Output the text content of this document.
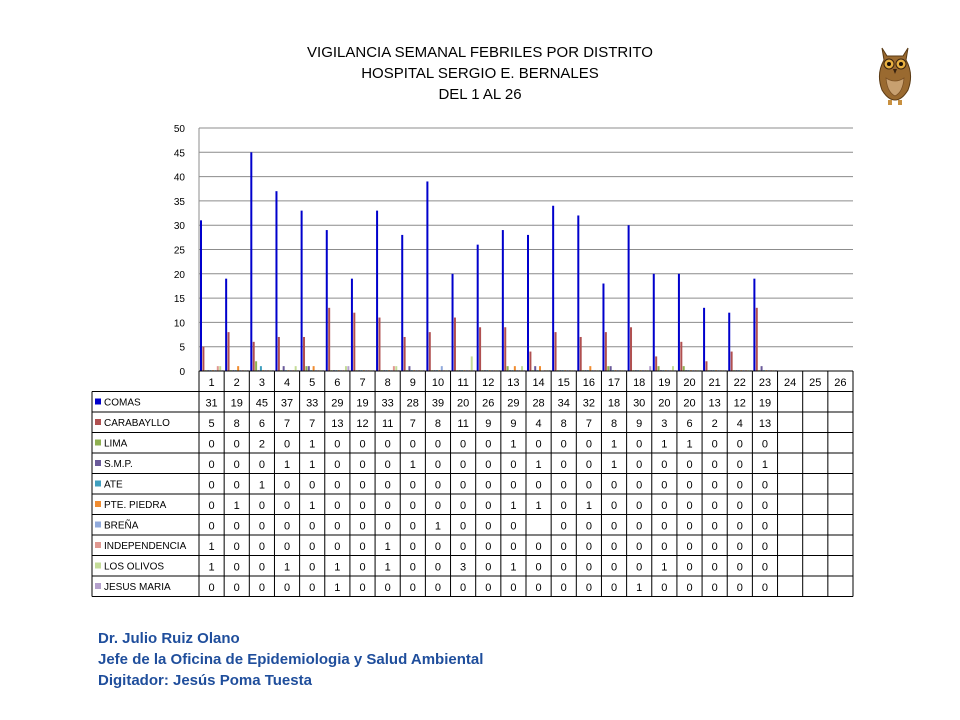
VIGILANCIA SEMANAL FEBRILES POR DISTRITO
HOSPITAL SERGIO E. BERNALES
DEL 1 AL 26
0
5
10
15
20
25
30
35
40
45
50
1 2 3 4 5 6 7 8 9 10 11 12 13 14 15 16 17 18 19 20 21 22 23 24 25 26
COMAS	31 19 45 37 33 29 19 33 28 39 20 26 29 28 34 32 18 30 20 20 13 12 19
CARABAYLLO	5 8 6 7 7 13 12 11 7 8 11 9 9 4 8 7 8 9 3 6 2 4 13
LIMA	0 0 2 0 1 0 0 0 0 0 0 0 1 0 0 0 1 0 1 1 0 0 0
S.M.P.	0 0 0 1 1 0 0 0 1 0 0 0 0 1 0 0 1 0 0 0 0 0 1
ATE	0 0 1 0 0 0 0 0 0 0 0 0 0 0 0 0 0 0 0 0 0 0 0
PTE. PIEDRA	0 1 0 0 1 0 0 0 0 0 0 0 1 1 0 1 0 0 0 0 0 0 0
BREÑA	0 0 0 0 0 0 0 0 0 1 0 0 0	0 0 0 0 0 0 0 0 0
INDEPENDENCIA 1 0 0 0 0 0 0 1 0 0 0 0 0 0 0 0 0 0 0 0 0 0 0
LOS OLIVOS	1 0 0 1 0 1 0 1 0 0 3 0 1 0 0 0 0 0 1 0 0 0 0
JESUS MARIA	0 0 0 0 0 1 0 0 0 0 0 0 0 0 0 0 0 1 0 0 0 0 0
Dr. Julio Ruiz Olano
Jefe de la Oficina de Epidemiologia y Salud Ambiental
Digitador: Jesús Poma Tuesta
